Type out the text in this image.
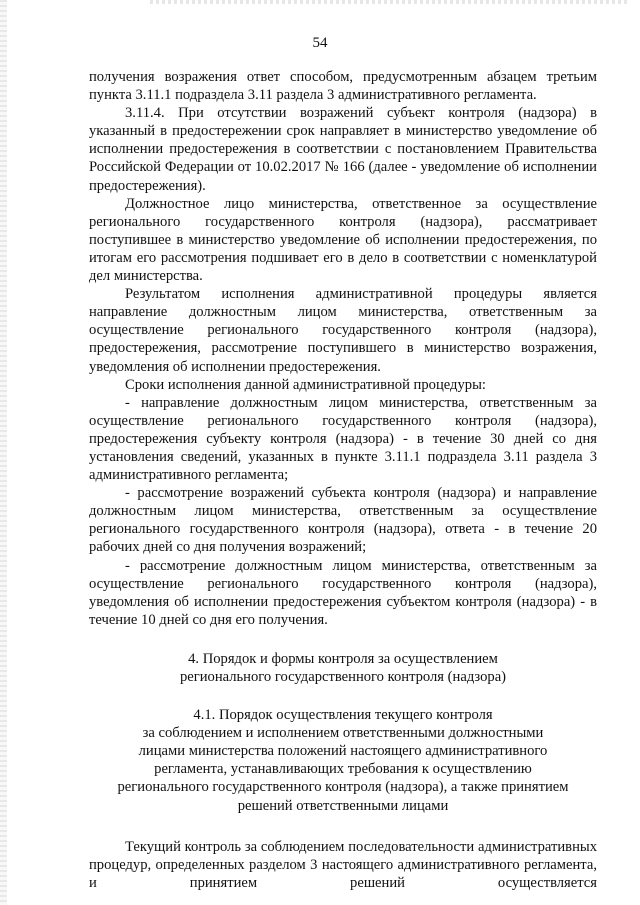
54

получения возражения ответ способом, предусмотренным абзацем третьим пункта 3.11.1 подраздела 3.11 раздела 3 административного регламента.

3.11.4. При отсутствии возражений субъект контроля (надзора) в указанный в предостережении срок направляет в министерство уведомление об исполнении предостережения в соответствии с постановлением Правительства Российской Федерации от 10.02.2017 № 166 (далее - уведомление об исполнении предостережения).

Должностное лицо министерства, ответственное за осуществление регионального государственного контроля (надзора), рассматривает поступившее в министерство уведомление об исполнении предостережения, по итогам его рассмотрения подшивает его в дело в соответствии с номенклатурой дел министерства.

Результатом исполнения административной процедуры является направление должностным лицом министерства, ответственным за осуществление регионального государственного контроля (надзора), предостережения, рассмотрение поступившего в министерство возражения, уведомления об исполнении предостережения.

Сроки исполнения данной административной процедуры:

- направление должностным лицом министерства, ответственным за осуществление регионального государственного контроля (надзора), предостережения субъекту контроля (надзора) - в течение 30 дней со дня установления сведений, указанных в пункте 3.11.1 подраздела 3.11 раздела 3 административного регламента;

- рассмотрение возражений субъекта контроля (надзора) и направление должностным лицом министерства, ответственным за осуществление регионального государственного контроля (надзора), ответа - в течение 20 рабочих дней со дня получения возражений;

- рассмотрение должностным лицом министерства, ответственным за осуществление регионального государственного контроля (надзора), уведомления об исполнении предостережения субъектом контроля (надзора) - в течение 10 дней со дня его получения.

4. Порядок и формы контроля за осуществлением

регионального государственного контроля (надзора)

4.1. Порядок осуществления текущего контроля

за соблюдением и исполнением ответственными должностными

лицами министерства положений настоящего административного

регламента, устанавливающих требования к осуществлению

регионального государственного контроля (надзора), а также принятием

решений ответственными лицами

Текущий контроль за соблюдением последовательности административных процедур, определенных разделом 3 настоящего административного регламента, и принятием решений осуществляется
